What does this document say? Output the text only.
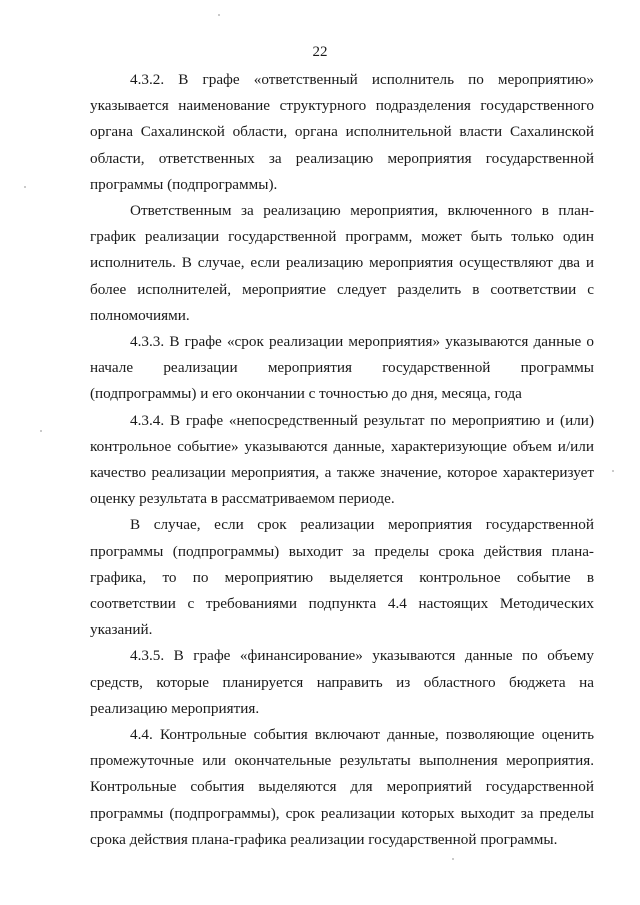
22

4.3.2. В графе «ответственный исполнитель по мероприятию» указывается наименование структурного подразделения государственного органа Сахалинской области, органа исполнительной власти Сахалинской области, ответственных за реализацию мероприятия государственной программы (подпрограммы).

Ответственным за реализацию мероприятия, включенного в план-график реализации государственной программ, может быть только один исполнитель. В случае, если реализацию мероприятия осуществляют два и более исполнителей, мероприятие следует разделить в соответствии с полномочиями.

4.3.3. В графе «срок реализации мероприятия» указываются данные о начале реализации мероприятия государственной программы (подпрограммы) и его окончании с точностью до дня, месяца, года

4.3.4. В графе «непосредственный результат по мероприятию и (или) контрольное событие» указываются данные, характеризующие объем и/или качество реализации мероприятия, а также значение, которое характеризует оценку результата в рассматриваемом периоде.

В случае, если срок реализации мероприятия государственной программы (подпрограммы) выходит за пределы срока действия плана-графика, то по мероприятию выделяется контрольное событие в соответствии с требованиями подпункта 4.4 настоящих Методических указаний.

4.3.5. В графе «финансирование» указываются данные по объему средств, которые планируется направить из областного бюджета на реализацию мероприятия.

4.4. Контрольные события включают данные, позволяющие оценить промежуточные или окончательные результаты выполнения мероприятия. Контрольные события выделяются для мероприятий государственной программы (подпрограммы), срок реализации которых выходит за пределы срока действия плана-графика реализации государственной программы.
